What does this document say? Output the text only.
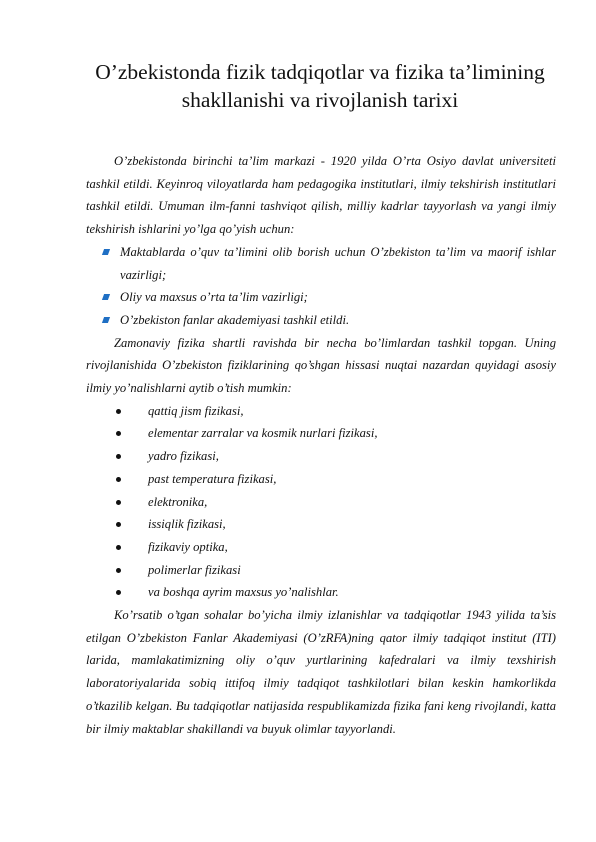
O’zbekistonda fizik tadqiqotlar va fizika ta’limining shakllanishi va rivojlanish tarixi

O’zbekistonda birinchi ta’lim markazi - 1920 yilda O’rta Osiyo davlat universiteti tashkil etildi. Keyinroq viloyatlarda ham pedagogika institutlari, ilmiy tekshirish institutlari tashkil etildi. Umuman ilm-fanni tashviqot qilish, milliy kadrlar tayyorlash va yangi ilmiy tekshirish ishlarini yo’lga qo’yish uchun:

Maktablarda o’quv ta’limini olib borish uchun O’zbekiston ta’lim va maorif ishlar vazirligi;
Oliy va maxsus o’rta ta’lim vazirligi;
O’zbekiston fanlar akademiyasi tashkil etildi.

Zamonaviy fizika shartli ravishda bir necha bo’limlardan tashkil topgan. Uning rivojlanishida O’zbekiston fiziklarining qo’shgan hissasi nuqtai nazardan quyidagi asosiy ilmiy yo’nalishlarni aytib o’tish mumkin:

qattiq jism fizikasi,
elementar zarralar va kosmik nurlari fizikasi,
yadro fizikasi,
past temperatura fizikasi,
elektronika,
issiqlik fizikasi,
fizikaviy optika,
polimerlar fizikasi
va boshqa ayrim maxsus yo’nalishlar.

Ko’rsatib o’tgan sohalar bo’yicha ilmiy izlanishlar va tadqiqotlar 1943 yilida ta’sis etilgan O’zbekiston Fanlar Akademiyasi (O’zRFA)ning qator ilmiy tadqiqot institut (ITI) larida, mamlakatimizning oliy o’quv yurtlarining kafedralari va ilmiy texshirish laboratoriyalarida sobiq ittifoq ilmiy tadqiqot tashkilotlari bilan keskin hamkorlikda o’tkazilib kelgan. Bu tadqiqotlar natijasida respublikamizda fizika fani keng rivojlandi, katta bir ilmiy maktablar shakillandi va buyuk olimlar tayyorlandi.
